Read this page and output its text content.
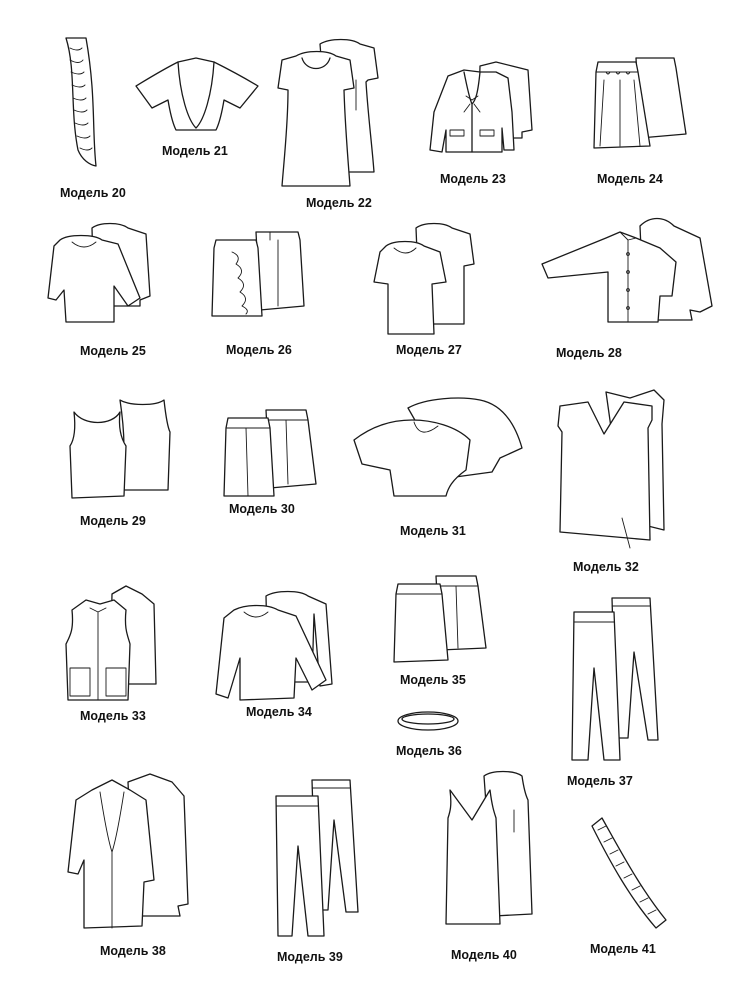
Модель 20
Модель 21
Модель 22
Модель 23	Модель 24
Модель 25	Модель 26	Модель 27	Модель 28
Модель 29
Модель 30
Модель 31
Модель 32
Модель 33	Модель 34
Модель 35
Модель 36
Модель 37
Модель 38	Модель 39	Модель 40	Модель 41
